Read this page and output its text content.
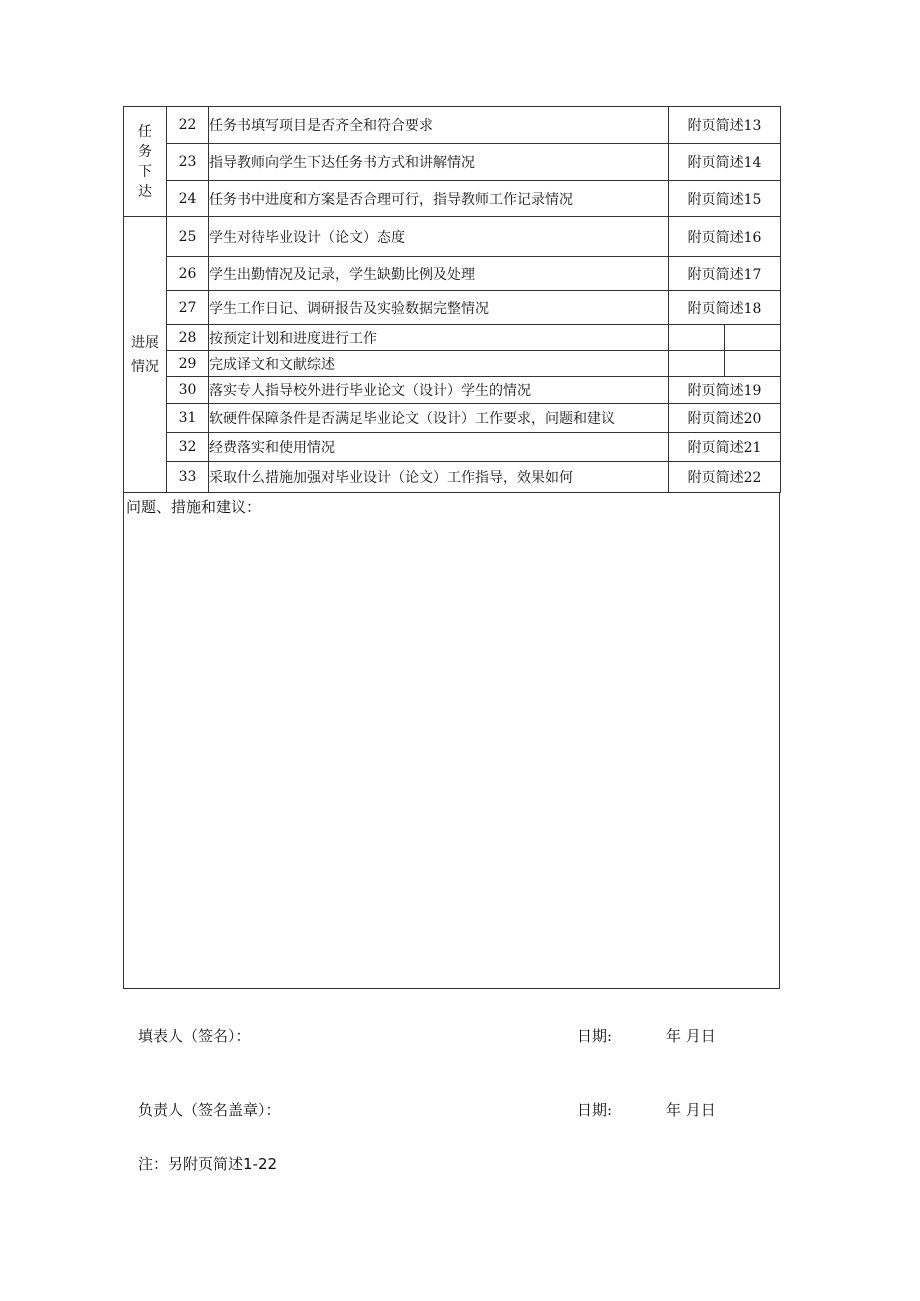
任务下达	22	任务书填写项目是否齐全和符合要求	附页简述13	
	23	指导教师向学生下达任务书方式和讲解情况	附页简述14	
	24	任务书中进度和方案是否合理可行，指导教师工作记录情况	附页简述15	

进展情况	25	学生对待毕业设计（论文）态度	附页简述16	
	26	学生出勤情况及记录，学生缺勤比例及处理	附页简述17	
	27	学生工作日记、调研报告及实验数据完整情况	附页简述18	
	28	按预定计划和进度进行工作		
	29	完成译文和文献综述		
	30	落实专人指导校外进行毕业论文（设计）学生的情况	附页简述19	
	31	软硬件保障条件是否满足毕业论文（设计）工作要求，问题和建议	附页简述20	
	32	经费落实和使用情况	附页简述21	
	33	采取什么措施加强对毕业设计（论文）工作指导，效果如何	附页简述22	
问题、措施和建议：
填表人（签名）：	日期:	年 月日
负责人（签名盖章）：	日期:	年 月日
注：另附页简述1-22
